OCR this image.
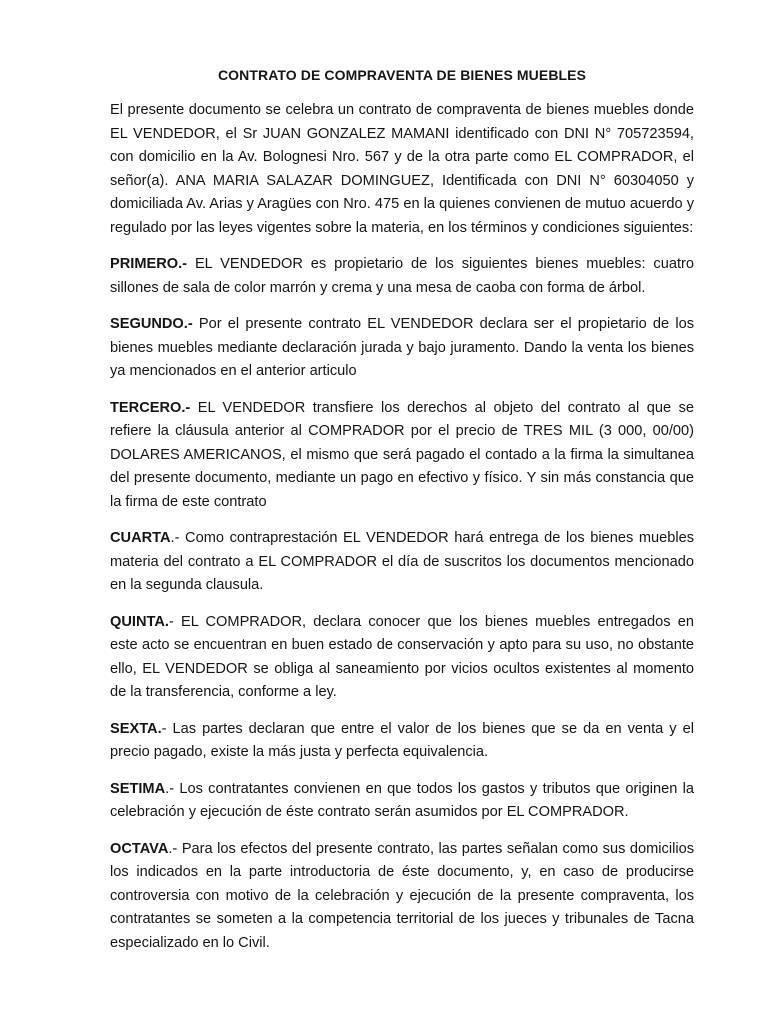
CONTRATO DE COMPRAVENTA DE BIENES MUEBLES

El presente documento se celebra un contrato de compraventa de bienes muebles donde EL VENDEDOR, el Sr JUAN GONZALEZ MAMANI identificado con DNI N° 705723594, con domicilio en la Av. Bolognesi Nro. 567 y de la otra parte como EL COMPRADOR, el señor(a). ANA MARIA SALAZAR DOMINGUEZ, Identificada con DNI N° 60304050 y domiciliada Av. Arias y Aragües con Nro. 475 en la quienes convienen de mutuo acuerdo y regulado por las leyes vigentes sobre la materia, en los términos y condiciones siguientes:

PRIMERO.- EL VENDEDOR es propietario de los siguientes bienes muebles: cuatro sillones de sala de color marrón y crema y una mesa de caoba con forma de árbol.

SEGUNDO.- Por el presente contrato EL VENDEDOR declara ser el propietario de los bienes muebles mediante declaración jurada y bajo juramento. Dando la venta los bienes ya mencionados en el anterior articulo

TERCERO.- EL VENDEDOR transfiere los derechos al objeto del contrato al que se refiere la cláusula anterior al COMPRADOR por el precio de TRES MIL (3 000, 00/00) DOLARES AMERICANOS, el mismo que será pagado el contado a la firma la simultanea del presente documento, mediante un pago en efectivo y físico. Y sin más constancia que la firma de este contrato

CUARTA.- Como contraprestación EL VENDEDOR hará entrega de los bienes muebles materia del contrato a EL COMPRADOR el día de suscritos los documentos mencionado en la segunda clausula.

QUINTA.- EL COMPRADOR, declara conocer que los bienes muebles entregados en este acto se encuentran en buen estado de conservación y apto para su uso, no obstante ello, EL VENDEDOR se obliga al saneamiento por vicios ocultos existentes al momento de la transferencia, conforme a ley.

SEXTA.- Las partes declaran que entre el valor de los bienes que se da en venta y el precio pagado, existe la más justa y perfecta equivalencia.

SETIMA.- Los contratantes convienen en que todos los gastos y tributos que originen la celebración y ejecución de éste contrato serán asumidos por EL COMPRADOR.

OCTAVA.- Para los efectos del presente contrato, las partes señalan como sus domicilios los indicados en la parte introductoria de éste documento, y, en caso de producirse controversia con motivo de la celebración y ejecución de la presente compraventa, los contratantes se someten a la competencia territorial de los jueces y tribunales de Tacna especializado en lo Civil.
